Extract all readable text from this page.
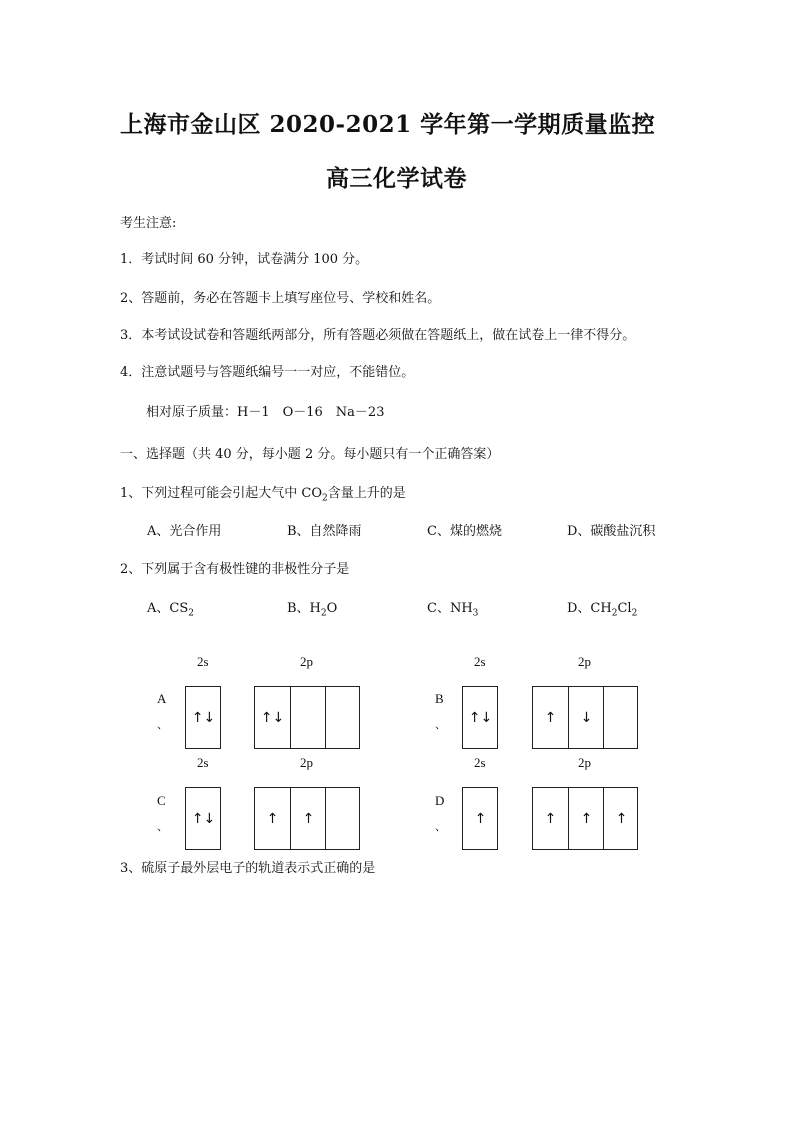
上海市金山区 2020-2021 学年第一学期质量监控
高三化学试卷
考生注意:
1．考试时间 60 分钟，试卷满分 100 分。
2、答题前，务必在答题卡上填写座位号、学校和姓名。
3．本考试设试卷和答题纸两部分，所有答题必须做在答题纸上，做在试卷上一律不得分。
4．注意试题号与答题纸编号一一对应，不能错位。
相对原子质量：H－1　O－16　Na－23
一、选择题（共 40 分，每小题 2 分。每小题只有一个正确答案）
1、下列过程可能会引起大气中 $CO_2$含量上升的是
A、光合作用	B、自然降雨	C、煤的燃烧	D、碳酸盐沉积
2、下列属于含有极性键的非极性分子是
A、$CS_2$	B、$H_2O$	C、$NH_3$	D、$CH_2Cl_2$
2s	2p	2s	2p
A
、	↑↓	↑↓
B
、	↑↓	↑	↓
2s	2p	2s	2p
C
、
↑↓	↑	↑
D
、
↑	↑	↑	↑
3、硫原子最外层电子的轨道表示式正确的是
